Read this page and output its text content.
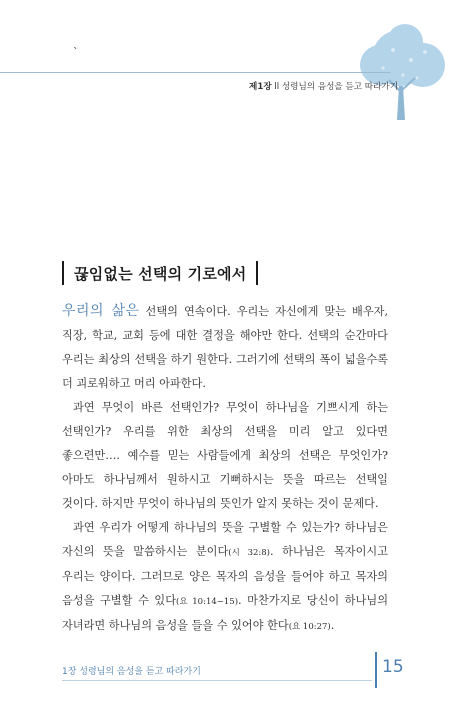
`
제1장 ll 성령님의 음성을 듣고 따라가기
끊임없는 선택의 기로에서

우리의 삶은 선택의 연속이다. 우리는 자신에게 맞는 배우자, 직장, 학교, 교회 등에 대한 결정을 해야만 한다. 선택의 순간마다 우리는 최상의 선택을 하기 원한다. 그러기에 선택의 폭이 넓을수록 더 괴로워하고 머리 아파한다.

과연 무엇이 바른 선택인가? 무엇이 하나님을 기쁘시게 하는 선택인가? 우리를 위한 최상의 선택을 미리 알고 있다면 좋으련만…. 예수를 믿는 사람들에게 최상의 선택은 무엇인가? 아마도 하나님께서 원하시고 기뻐하시는 뜻을 따르는 선택일 것이다. 하지만 무엇이 하나님의 뜻인가 알지 못하는 것이 문제다.

과연 우리가 어떻게 하나님의 뜻을 구별할 수 있는가? 하나님은 자신의 뜻을 말씀하시는 분이다(시 32:8). 하나님은 목자이시고 우리는 양이다. 그러므로 양은 목자의 음성을 들어야 하고 목자의 음성을 구별할 수 있다(요 10:14~15). 마찬가지로 당신이 하나님의 자녀라면 하나님의 음성을 들을 수 있어야 한다(요 10:27).

1장 성령님의 음성을 듣고 따라가기	15
